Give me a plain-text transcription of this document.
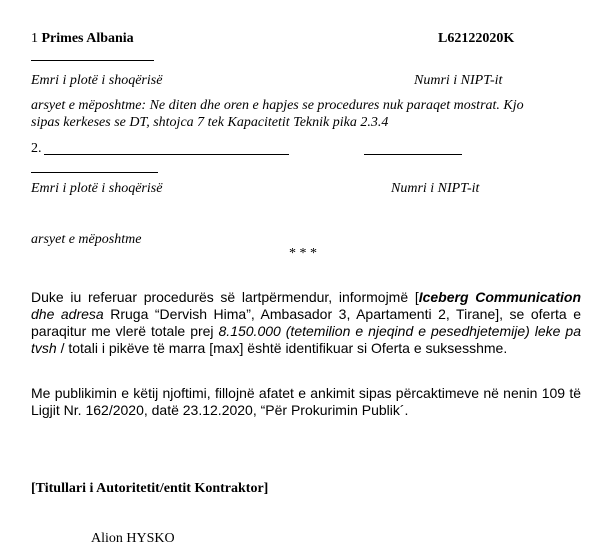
1 Primes Albania	L62122020K
Emri i plotë i shoqërisë	Numri i NIPT-it
arsyet e mëposhtme: Ne diten dhe oren e hapjes se procedures nuk paraqet mostrat. Kjo
sipas kerkeses se DT, shtojca 7 tek Kapacitetit Teknik pika 2.3.4
2.
Emri i plotë i shoqërisë	Numri i NIPT-it
arsyet e mëposhtme
* * *
Duke iu referuar procedurës së lartpërmendur, informojmë [Iceberg Communication dhe adresa Rruga “Dervish Hima”, Ambasador 3, Apartamenti 2, Tirane], se oferta e paraqitur me vlerë totale prej 8.150.000 (tetemilion e njeqind e pesedhjetemije) leke pa tvsh / totali i pikëve të marra [max] është identifikuar si Oferta e suksesshme.
Me publikimin e këtij njoftimi, fillojnë afatet e ankimit sipas përcaktimeve në nenin 109 të Ligjit Nr. 162/2020, datë 23.12.2020, “Për Prokurimin Publik´.
[Titullari i Autoritetit/entit Kontraktor]
Alion HYSKO
